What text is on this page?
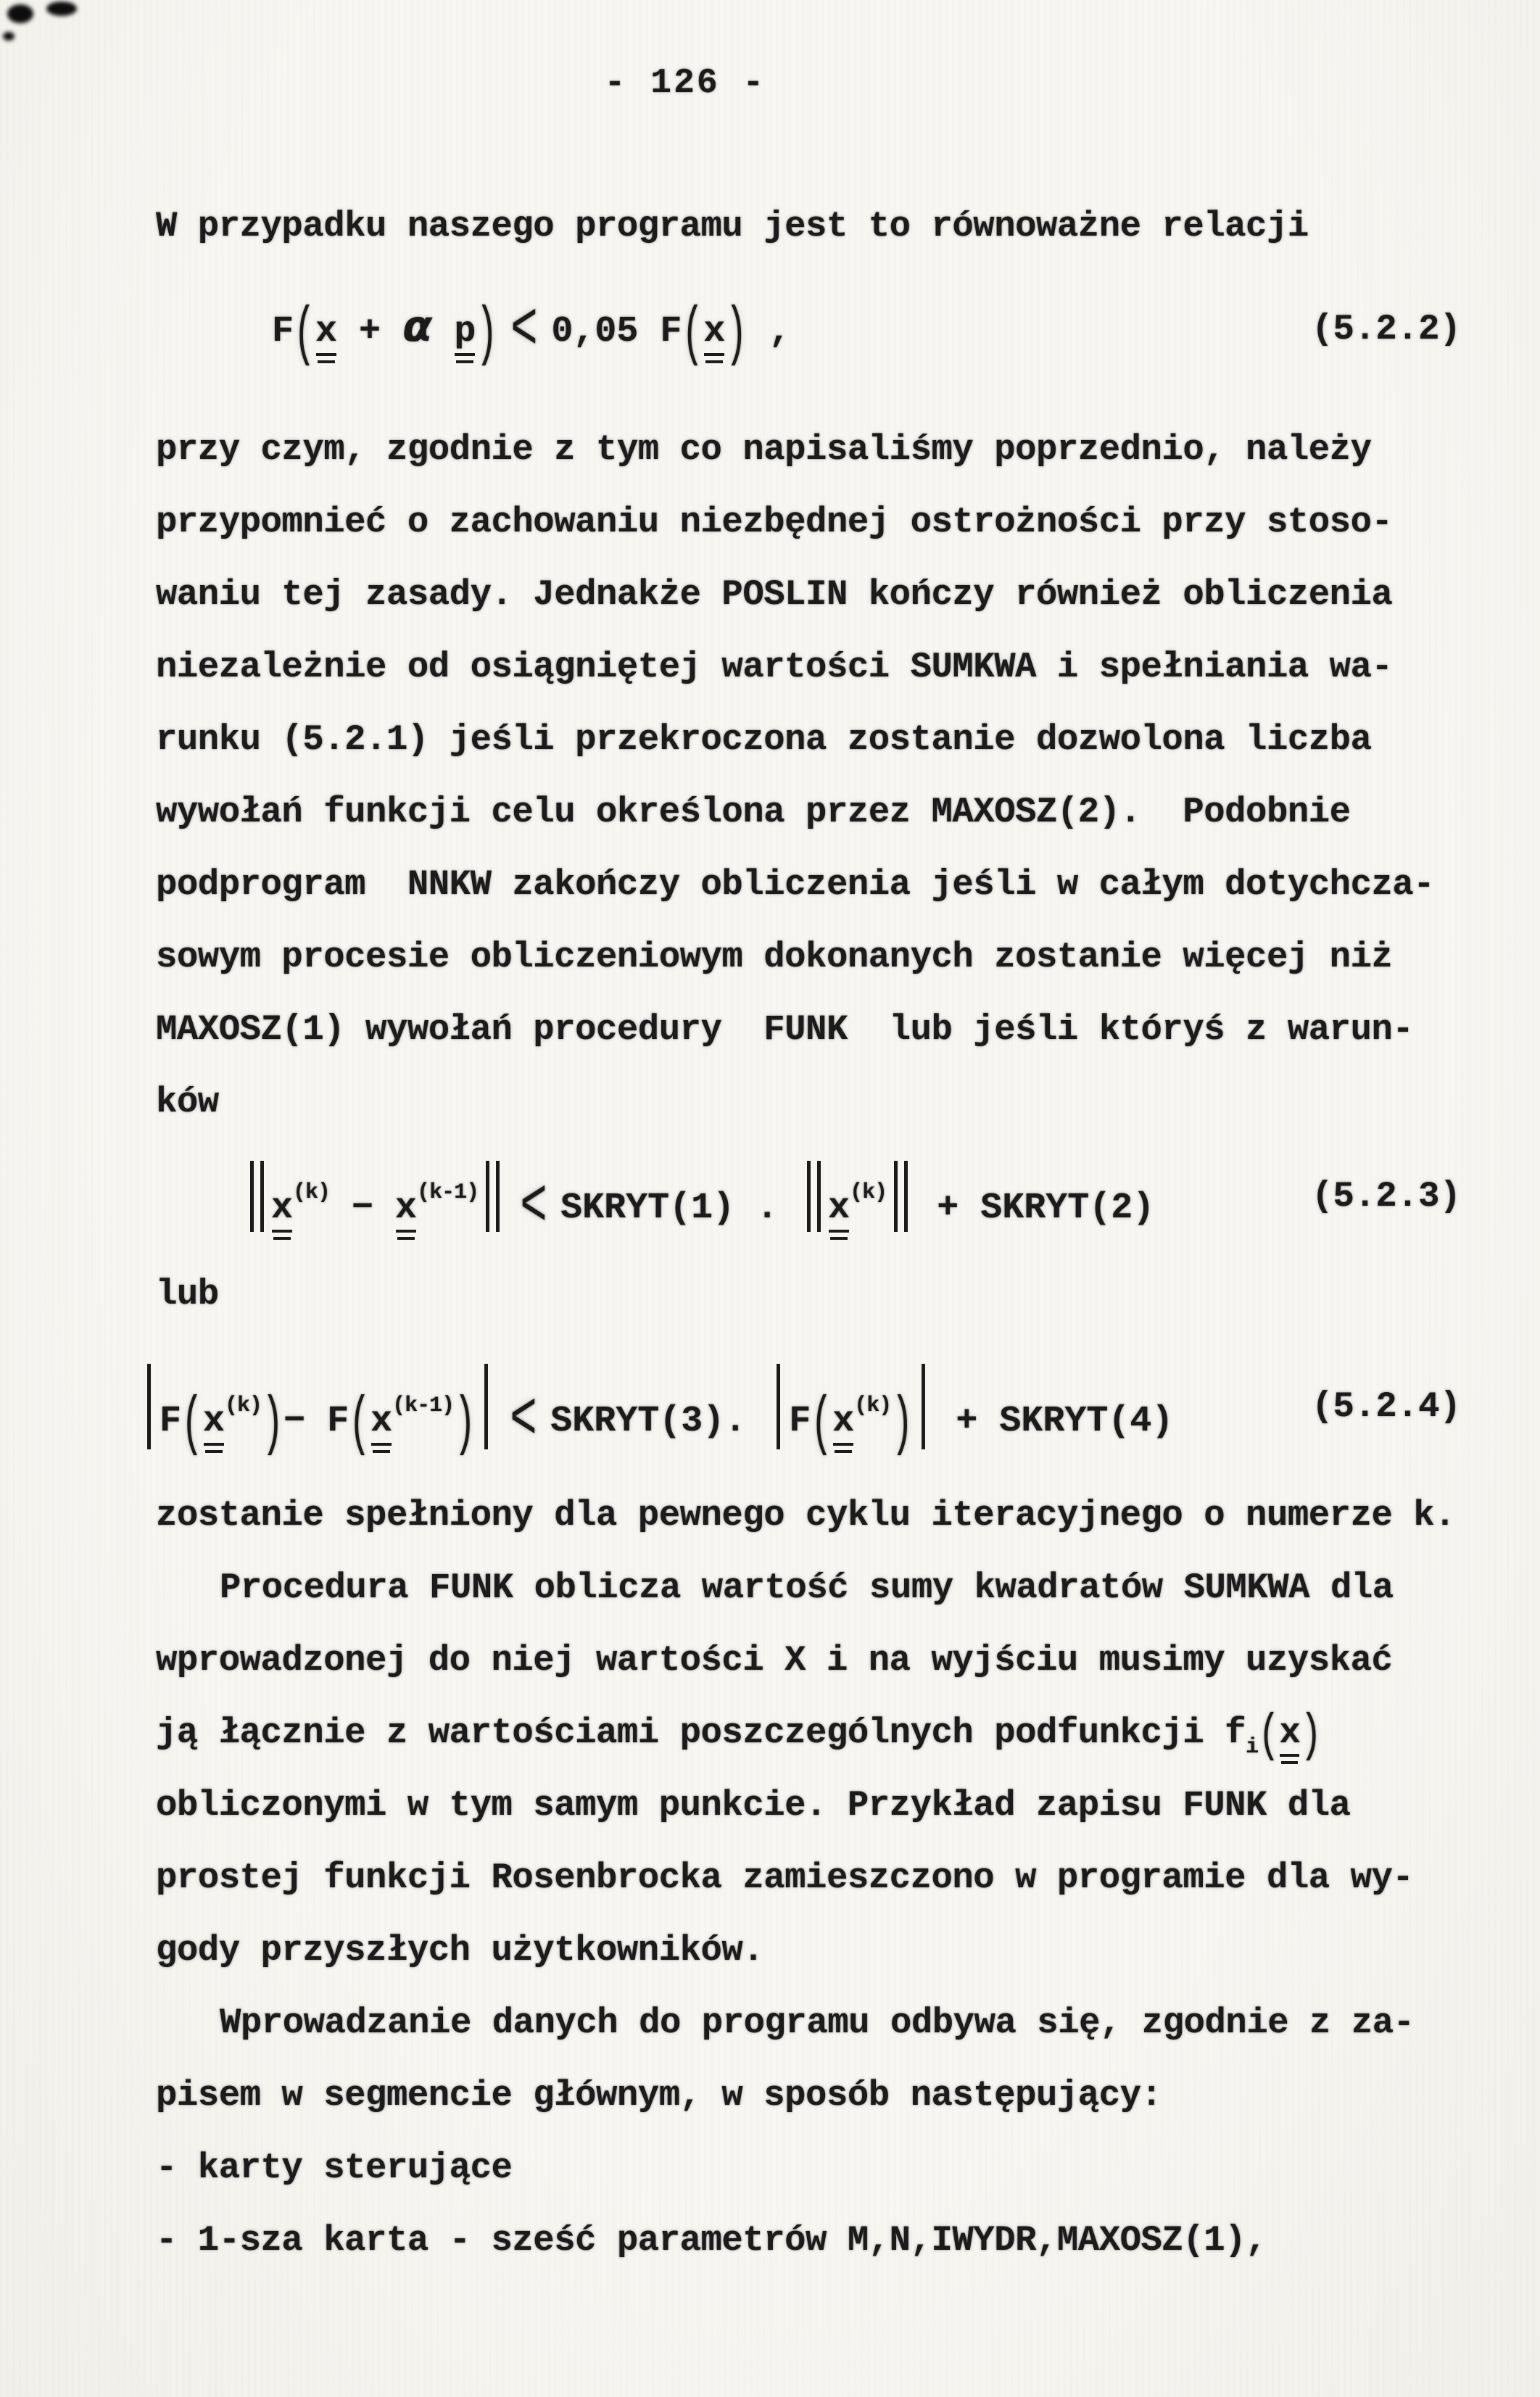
- 126 -
W przypadku naszego programu jest to równoważne relacji
F(x + α p) < 0,05 F(x) ,	(5.2.2)
przy czym, zgodnie z tym co napisaliśmy poprzednio, należy
przypomnieć o zachowaniu niezbędnej ostrożności przy stoso-
waniu tej zasady. Jednakże POSLIN kończy również obliczenia
niezależnie od osiągniętej wartości SUMKWA i spełniania wa-
runku (5.2.1) jeśli przekroczona zostanie dozwolona liczba
wywołań funkcji celu określona przez MAXOSZ(2).  Podobnie
podprogram  NNKW zakończy obliczenia jeśli w całym dotychcza-
sowym procesie obliczeniowym dokonanych zostanie więcej niż
MAXOSZ(1) wywołań procedury  FUNK  lub jeśli któryś z warun-
ków
$x^{(k)} - x^{(k-1)}$ < SKRYT(1) . $x^{(k)}$ + SKRYT(2)	(5.2.3)
lub
$F(x^{(k)})- F(x^{(k-1)})$ < SKRYT(3). $F(x^{(k)})$ + SKRYT(4)	(5.2.4)
zostanie spełniony dla pewnego cyklu iteracyjnego o numerze k.
Procedura FUNK oblicza wartość sumy kwadratów SUMKWA dla
wprowadzonej do niej wartości X i na wyjściu musimy uzyskać
ją łącznie z wartościami poszczególnych podfunkcji $f_i(x)$
obliczonymi w tym samym punkcie. Przykład zapisu FUNK dla
prostej funkcji Rosenbrocka zamieszczono w programie dla wy-
gody przyszłych użytkowników.
Wprowadzanie danych do programu odbywa się, zgodnie z za-
pisem w segmencie głównym, w sposób następujący:
- karty sterujące
- 1-sza karta - sześć parametrów M,N,IWYDR,MAXOSZ(1),
